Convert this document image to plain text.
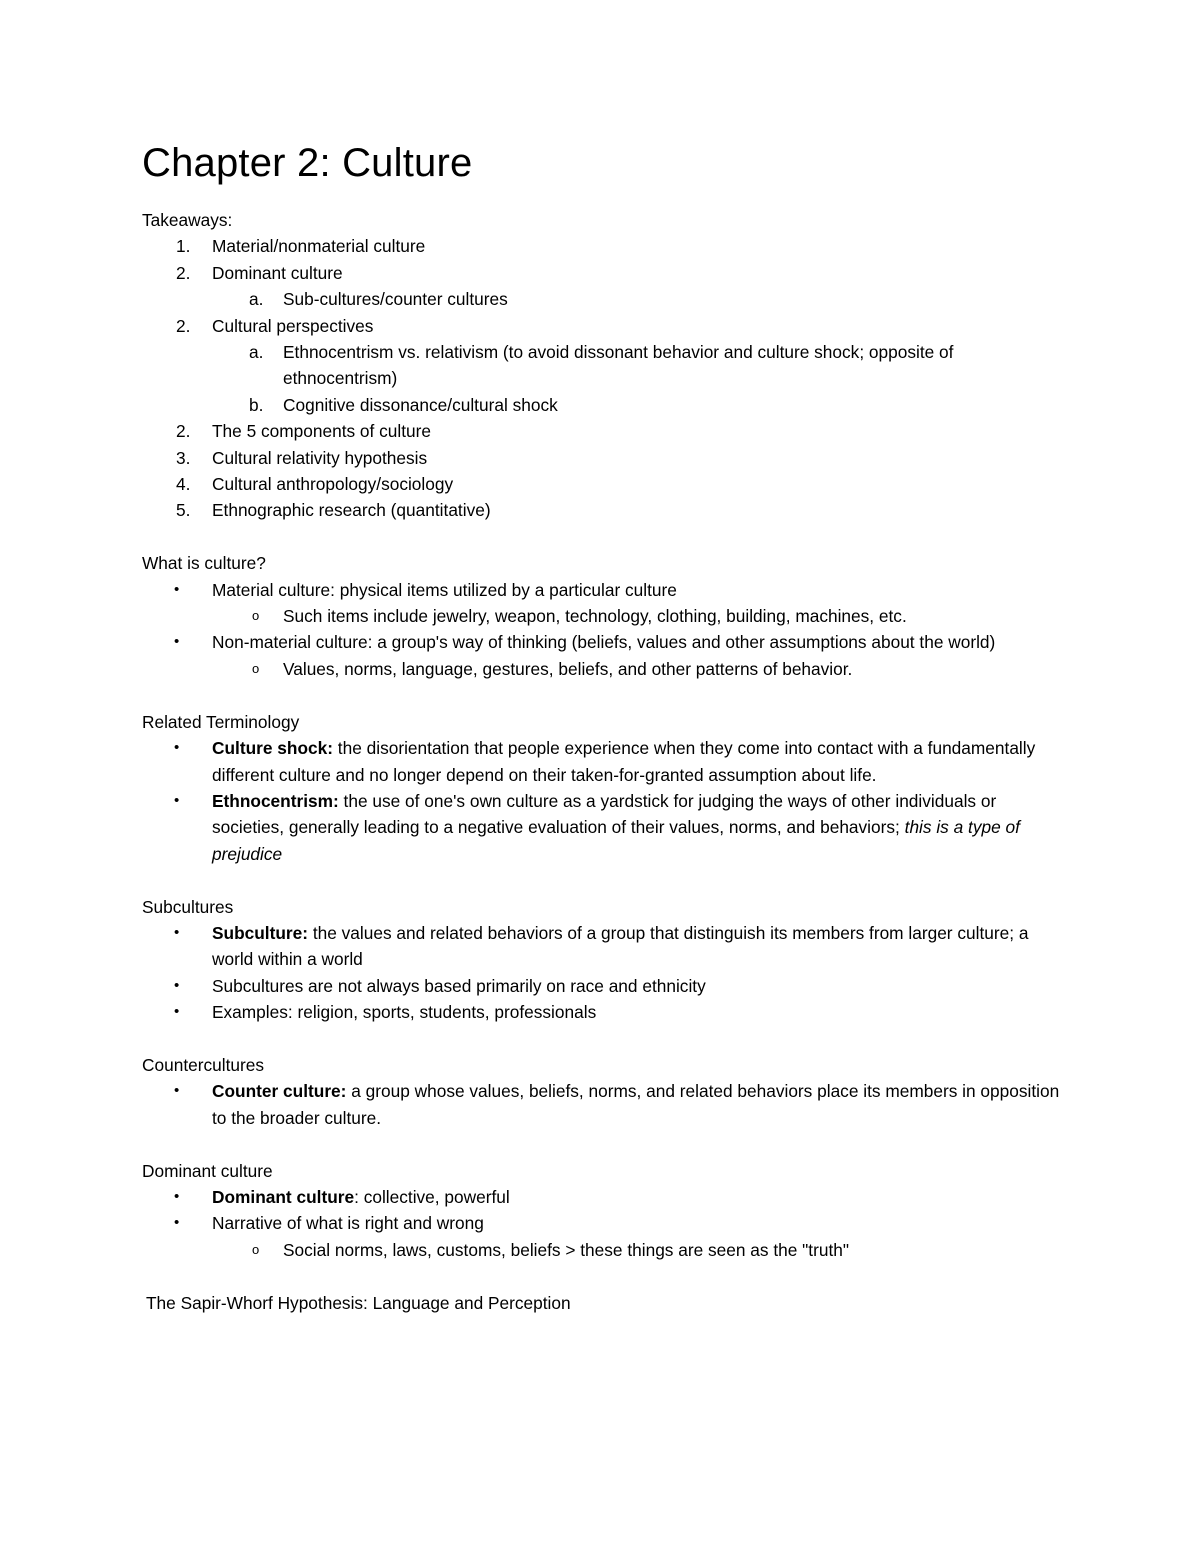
Chapter 2: Culture

Takeaways:

1. Material/nonmaterial culture
2. Dominant culture
a. Sub-cultures/counter cultures
2. Cultural perspectives
a. Ethnocentrism vs. relativism (to avoid dissonant behavior and culture shock; opposite of ethnocentrism)
b. Cognitive dissonance/cultural shock
2. The 5 components of culture
3. Cultural relativity hypothesis
4. Cultural anthropology/sociology
5. Ethnographic research (quantitative)

What is culture?

• Material culture: physical items utilized by a particular culture
o Such items include jewelry, weapon, technology, clothing, building, machines, etc.
• Non-material culture: a group's way of thinking (beliefs, values and other assumptions about the world)
o Values, norms, language, gestures, beliefs, and other patterns of behavior.

Related Terminology

• Culture shock: the disorientation that people experience when they come into contact with a fundamentally different culture and no longer depend on their taken-for-granted assumption about life.
• Ethnocentrism: the use of one's own culture as a yardstick for judging the ways of other individuals or societies, generally leading to a negative evaluation of their values, norms, and behaviors; this is a type of prejudice

Subcultures

• Subculture: the values and related behaviors of a group that distinguish its members from larger culture; a world within a world
• Subcultures are not always based primarily on race and ethnicity
• Examples: religion, sports, students, professionals

Countercultures

• Counter culture: a group whose values, beliefs, norms, and related behaviors place its members in opposition to the broader culture.

Dominant culture

• Dominant culture: collective, powerful
• Narrative of what is right and wrong
o Social norms, laws, customs, beliefs > these things are seen as the "truth"

The Sapir-Whorf Hypothesis: Language and Perception
